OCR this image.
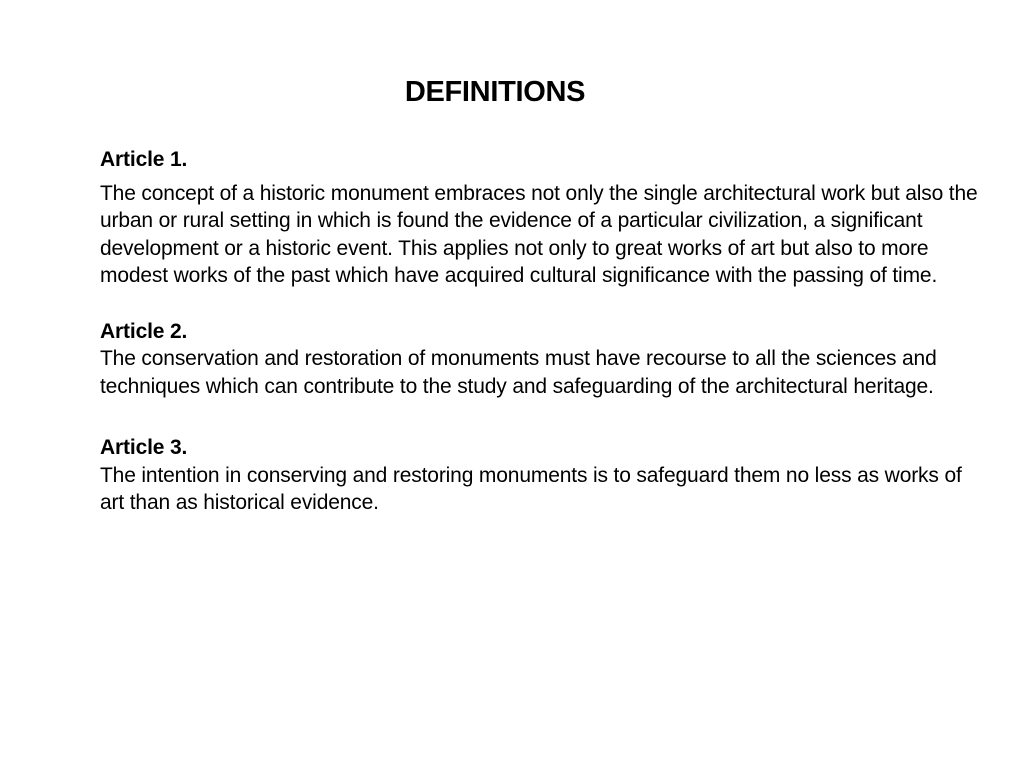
DEFINITIONS
Article 1.
The concept of a historic monument embraces not only the single architectural work but also the urban or rural setting in which is found the evidence of a particular civilization, a significant development or a historic event. This applies not only to great works of art but also to more modest works of the past which have acquired cultural significance with the passing of time.
Article 2.
The conservation and restoration of monuments must have recourse to all the sciences and techniques which can contribute to the study and safeguarding of the architectural heritage.
Article 3.
The intention in conserving and restoring monuments is to safeguard them no less as works of art than as historical evidence.
